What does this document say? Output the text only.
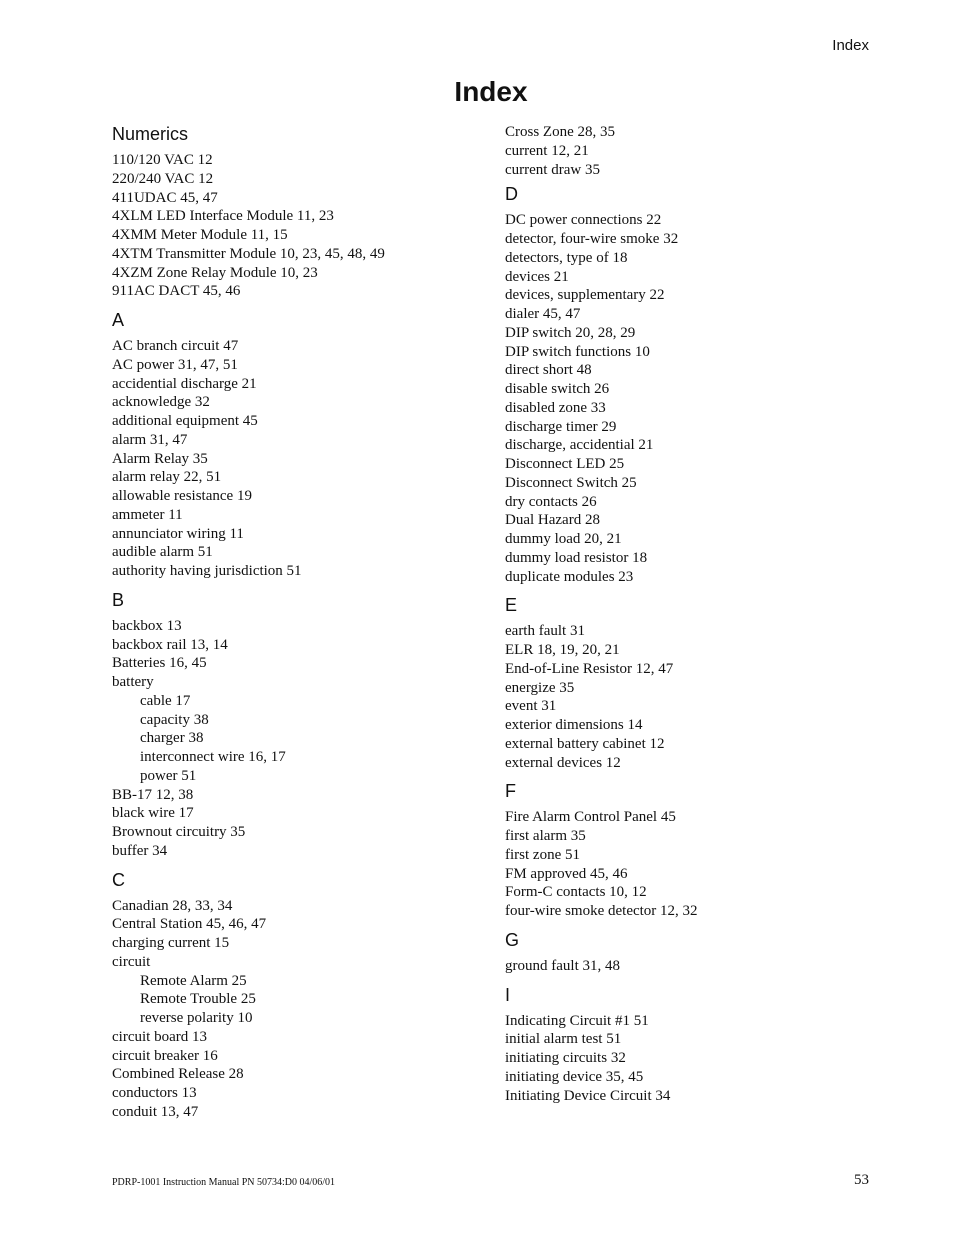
Index
Index
Numerics
110/120 VAC 12
220/240 VAC 12
411UDAC 45, 47
4XLM LED Interface Module 11, 23
4XMM Meter Module 11, 15
4XTM Transmitter Module 10, 23, 45, 48, 49
4XZM Zone Relay Module 10, 23
911AC DACT 45, 46
A
AC branch circuit 47
AC power 31, 47, 51
accidential discharge 21
acknowledge 32
additional equipment 45
alarm 31, 47
Alarm Relay 35
alarm relay 22, 51
allowable resistance 19
ammeter 11
annunciator wiring 11
audible alarm 51
authority having jurisdiction 51
B
backbox 13
backbox rail 13, 14
Batteries 16, 45
battery
cable 17
capacity 38
charger 38
interconnect wire 16, 17
power 51
BB-17 12, 38
black wire 17
Brownout circuitry 35
buffer 34
C
Canadian 28, 33, 34
Central Station 45, 46, 47
charging current 15
circuit
Remote Alarm 25
Remote Trouble 25
reverse polarity 10
circuit board 13
circuit breaker 16
Combined Release 28
conductors 13
conduit 13, 47
Cross Zone 28, 35
current 12, 21
current draw 35
D
DC power connections 22
detector, four-wire smoke 32
detectors, type of 18
devices 21
devices, supplementary 22
dialer 45, 47
DIP switch 20, 28, 29
DIP switch functions 10
direct short 48
disable switch 26
disabled zone 33
discharge timer 29
discharge, accidential 21
Disconnect LED 25
Disconnect Switch 25
dry contacts 26
Dual Hazard 28
dummy load 20, 21
dummy load resistor 18
duplicate modules 23
E
earth fault 31
ELR 18, 19, 20, 21
End-of-Line Resistor 12, 47
energize 35
event 31
exterior dimensions 14
external battery cabinet 12
external devices 12
F
Fire Alarm Control Panel 45
first alarm 35
first zone 51
FM approved 45, 46
Form-C contacts 10, 12
four-wire smoke detector 12, 32
G
ground fault 31, 48
I
Indicating Circuit #1 51
initial alarm test 51
initiating circuits 32
initiating device 35, 45
Initiating Device Circuit 34
PDRP-1001 Instruction Manual PN 50734:D0 04/06/01	53
